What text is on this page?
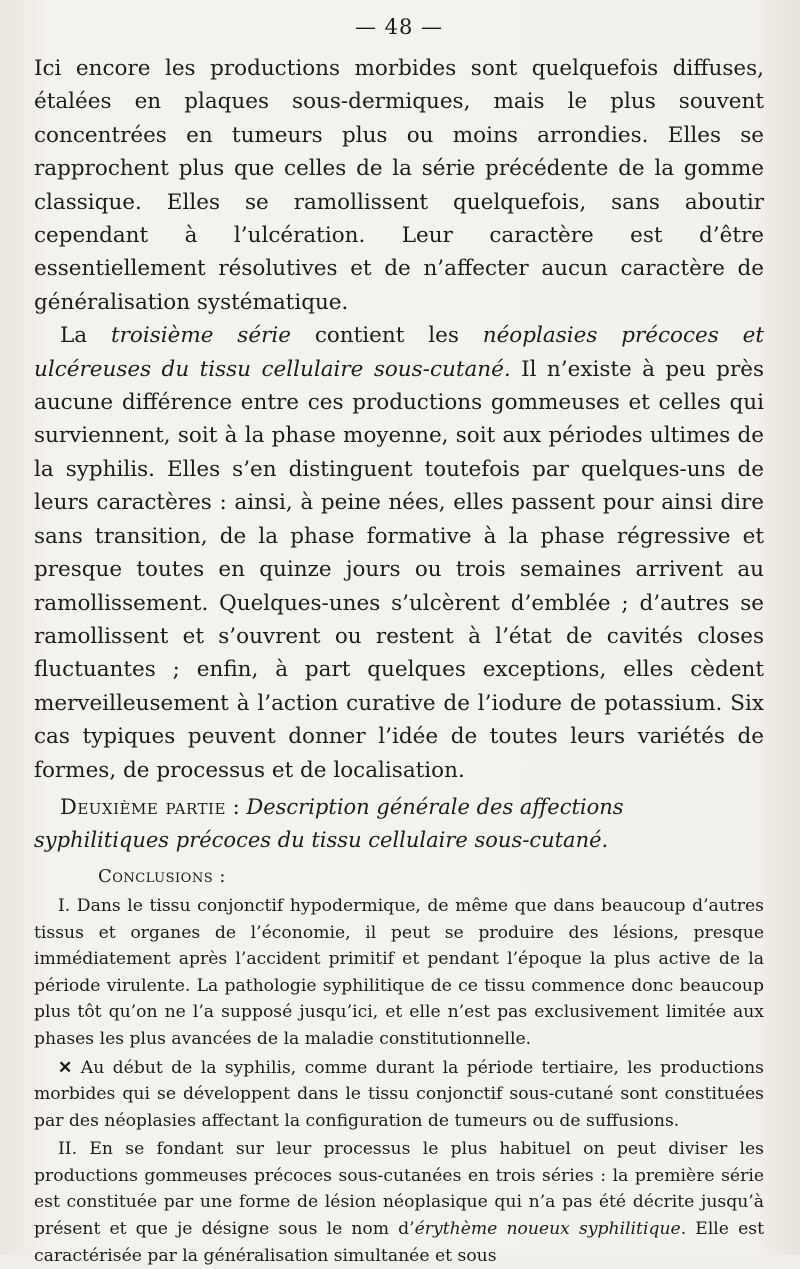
— 48 —

Ici encore les productions morbides sont quelquefois diffuses, étalées en plaques sous-dermiques, mais le plus souvent concentrées en tumeurs plus ou moins arrondies. Elles se rapprochent plus que celles de la série précédente de la gomme classique. Elles se ramollissent quelquefois, sans aboutir cependant à l’ulcération. Leur caractère est d’être essentiellement résolutives et de n’affecter aucun caractère de généralisation systématique.

La troisième série contient les néoplasies précoces et ulcéreuses du tissu cellulaire sous-cutané. Il n’existe à peu près aucune différence entre ces productions gommeuses et celles qui surviennent, soit à la phase moyenne, soit aux périodes ultimes de la syphilis. Elles s’en distinguent toutefois par quelques-uns de leurs caractères : ainsi, à peine nées, elles passent pour ainsi dire sans transition, de la phase formative à la phase régressive et presque toutes en quinze jours ou trois semaines arrivent au ramollissement. Quelques-unes s’ulcèrent d’emblée ; d’autres se ramollissent et s’ouvrent ou restent à l’état de cavités closes fluctuantes ; enfin, à part quelques exceptions, elles cèdent merveilleusement à l’action curative de l’iodure de potassium. Six cas typiques peuvent donner l’idée de toutes leurs variétés de formes, de processus et de localisation.

Deuxième partie : Description générale des affections syphilitiques précoces du tissu cellulaire sous-cutané.
Conclusions :

I. Dans le tissu conjonctif hypodermique, de même que dans beaucoup d’autres tissus et organes de l’économie, il peut se produire des lésions, presque immédiatement après l’accident primitif et pendant l’époque la plus active de la période virulente. La pathologie syphilitique de ce tissu commence donc beaucoup plus tôt qu’on ne l’a supposé jusqu’ici, et elle n’est pas exclusivement limitée aux phases les plus avancées de la maladie constitutionnelle.

✕ Au début de la syphilis, comme durant la période tertiaire, les productions morbides qui se développent dans le tissu conjonctif sous-cutané sont constituées par des néoplasies affectant la configuration de tumeurs ou de suffusions.

II. En se fondant sur leur processus le plus habituel on peut diviser les productions gommeuses précoces sous-cutanées en trois séries : la première série est constituée par une forme de lésion néoplasique qui n’a pas été décrite jusqu’à présent et que je désigne sous le nom d’érythème noueux syphilitique. Elle est caractérisée par la généralisation simultanée et sous
